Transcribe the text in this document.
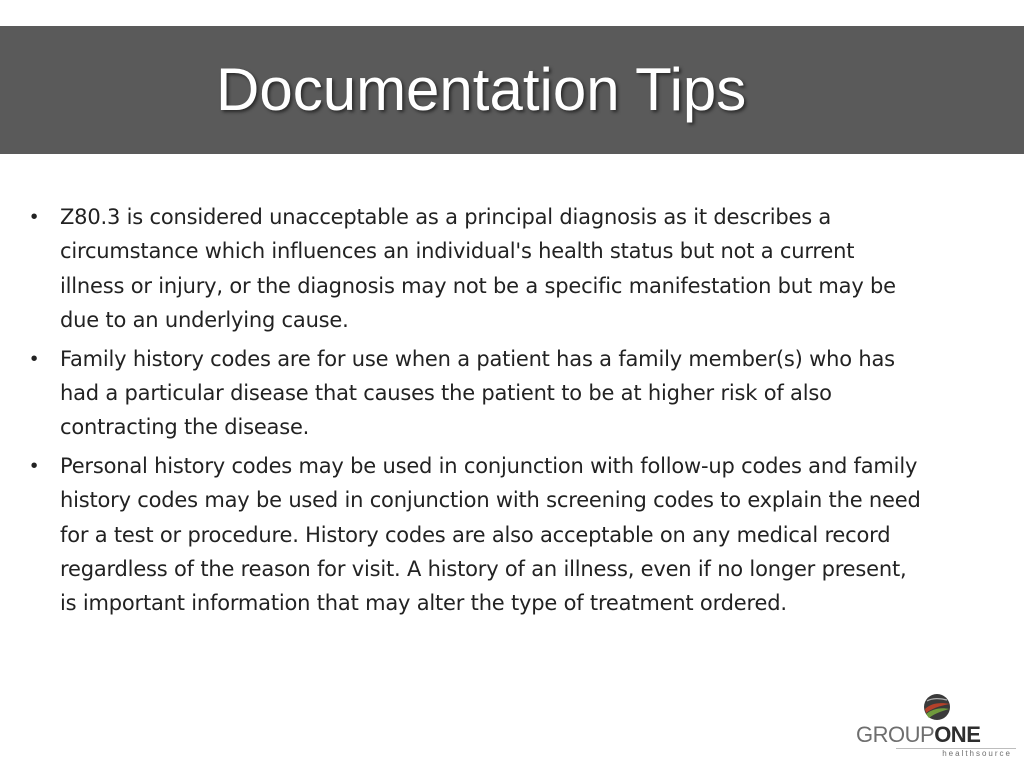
Documentation Tips
•	Z80.3 is considered unacceptable as a principal diagnosis as it describes a circumstance which influences an individual's health status but not a current illness or injury, or the diagnosis may not be a specific manifestation but may be due to an underlying cause.
•	Family history codes are for use when a patient has a family member(s) who has had a particular disease that causes the patient to be at higher risk of also contracting the disease.
•	Personal history codes may be used in conjunction with follow-up codes and family history codes may be used in conjunction with screening codes to explain the need for a test or procedure. History codes are also acceptable on any medical record regardless of the reason for visit. A history of an illness, even if no longer present, is important information that may alter the type of treatment ordered.
GROUPONE
healthsource
